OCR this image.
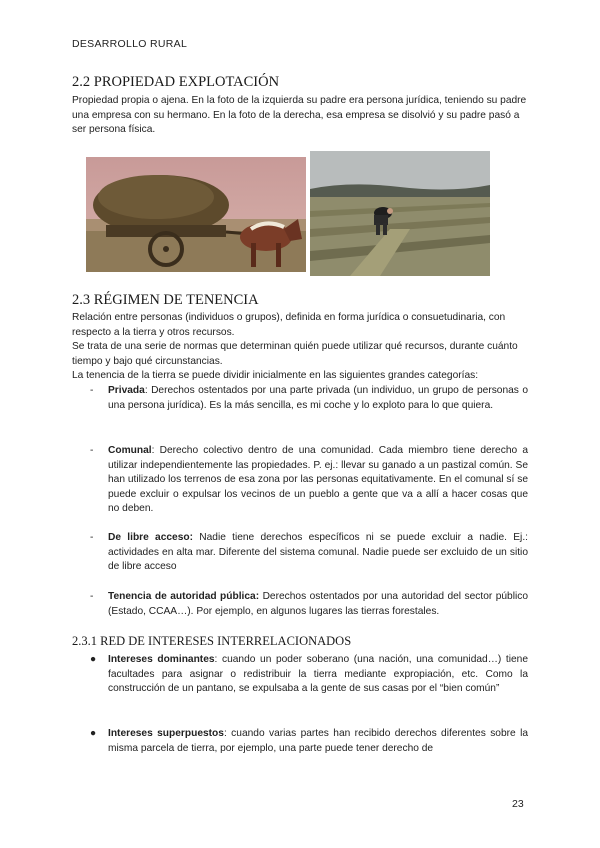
DESARROLLO RURAL
2.2 PROPIEDAD EXPLOTACIÓN
Propiedad propia o ajena. En la foto de la izquierda su padre era persona jurídica, teniendo su padre una empresa con su hermano. En la foto de la derecha, esa empresa se disolvió y su padre pasó a ser persona física.
2.3 RÉGIMEN DE TENENCIA
Relación entre personas (individuos o grupos), definida en forma jurídica o consuetudinaria, con respecto a la tierra y otros recursos.
Se trata de una serie de normas que determinan quién puede utilizar qué recursos, durante cuánto tiempo y bajo qué circunstancias.
La tenencia de la tierra se puede dividir inicialmente en las siguientes grandes categorías:
- Privada: Derechos ostentados por una parte privada (un individuo, un grupo de personas o una persona jurídica). Es la más sencilla, es mi coche y lo exploto para lo que quiera.
- Comunal: Derecho colectivo dentro de una comunidad. Cada miembro tiene derecho a utilizar independientemente las propiedades. P. ej.: llevar su ganado a un pastizal común. Se han utilizado los terrenos de esa zona por las personas equitativamente. En el comunal sí se puede excluir o expulsar los vecinos de un pueblo a gente que va a allí a hacer cosas que no deben.
- De libre acceso: Nadie tiene derechos específicos ni se puede excluir a nadie. Ej.: actividades en alta mar. Diferente del sistema comunal. Nadie puede ser excluido de un sitio de libre acceso
- Tenencia de autoridad pública: Derechos ostentados por una autoridad del sector público (Estado, CCAA…). Por ejemplo, en algunos lugares las tierras forestales.
2.3.1 RED DE INTERESES INTERRELACIONADOS
● Intereses dominantes: cuando un poder soberano (una nación, una comunidad…) tiene facultades para asignar o redistribuir la tierra mediante expropiación, etc. Como la construcción de un pantano, se expulsaba a la gente de sus casas por el “bien común”
● Intereses superpuestos: cuando varias partes han recibido derechos diferentes sobre la misma parcela de tierra, por ejemplo, una parte puede tener derecho de
23
